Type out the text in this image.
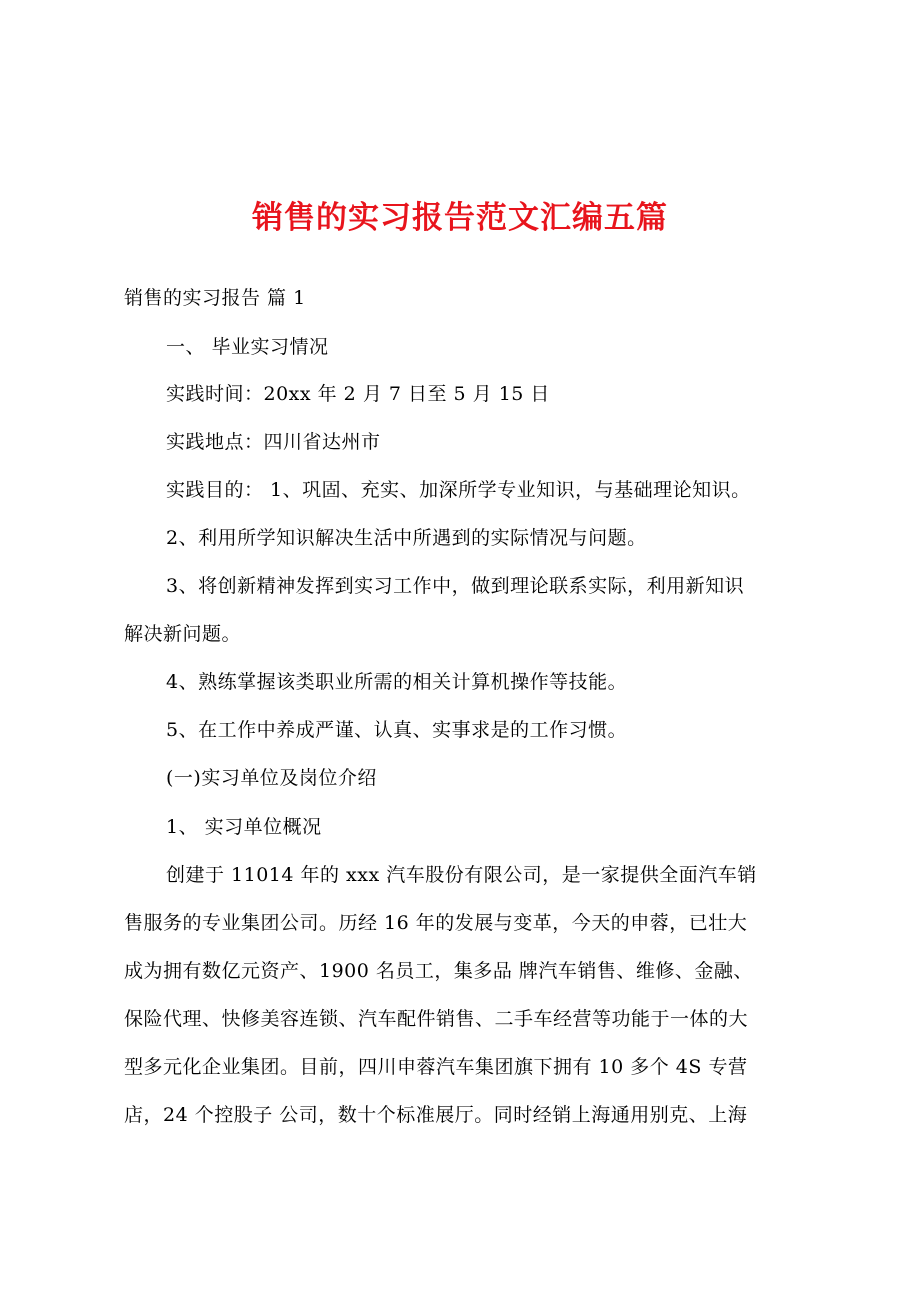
销售的实习报告范文汇编五篇
销售的实习报告 篇 1
一、 毕业实习情况
实践时间：20xx 年 2 月 7 日至 5 月 15 日
实践地点：四川省达州市
实践目的： 1、巩固、充实、加深所学专业知识，与基础理论知识。
2、利用所学知识解决生活中所遇到的实际情况与问题。
3、将创新精神发挥到实习工作中，做到理论联系实际，利用新知识
解决新问题。
4、熟练掌握该类职业所需的相关计算机操作等技能。
5、在工作中养成严谨、认真、实事求是的工作习惯。
(一)实习单位及岗位介绍
1、 实习单位概况
创建于 11014 年的 xxx 汽车股份有限公司，是一家提供全面汽车销
售服务的专业集团公司。历经 16 年的发展与变革，今天的申蓉，已壮大
成为拥有数亿元资产、1900 名员工，集多品 牌汽车销售、维修、金融、
保险代理、快修美容连锁、汽车配件销售、二手车经营等功能于一体的大
型多元化企业集团。目前，四川申蓉汽车集团旗下拥有 10 多个 4S 专营
店，24 个控股子 公司，数十个标准展厅。同时经销上海通用别克、上海
